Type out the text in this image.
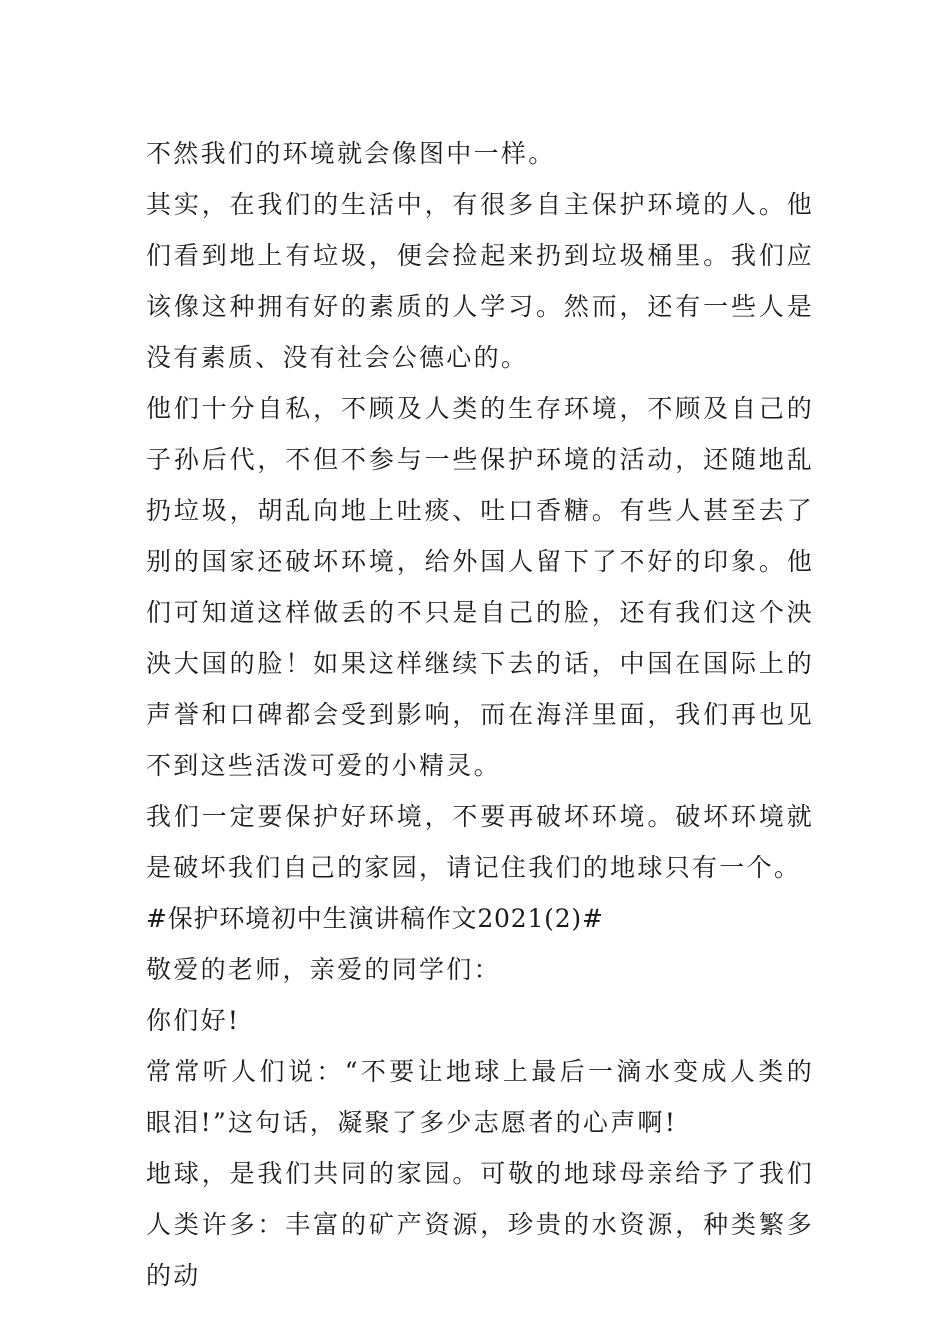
不然我们的环境就会像图中一样。

其实，在我们的生活中，有很多自主保护环境的人。他们看到地上有垃圾，便会捡起来扔到垃圾桶里。我们应该像这种拥有好的素质的人学习。然而，还有一些人是没有素质、没有社会公德心的。

他们十分自私，不顾及人类的生存环境，不顾及自己的子孙后代，不但不参与一些保护环境的活动，还随地乱扔垃圾，胡乱向地上吐痰、吐口香糖。有些人甚至去了别的国家还破坏环境，给外国人留下了不好的印象。他们可知道这样做丢的不只是自己的脸，还有我们这个泱泱大国的脸！如果这样继续下去的话，中国在国际上的声誉和口碑都会受到影响，而在海洋里面，我们再也见不到这些活泼可爱的小精灵。

我们一定要保护好环境，不要再破坏环境。破坏环境就是破坏我们自己的家园，请记住我们的地球只有一个。

#保护环境初中生演讲稿作文2021(2)#

敬爱的老师，亲爱的同学们：

你们好!

常常听人们说：“不要让地球上最后一滴水变成人类的眼泪!”这句话，凝聚了多少志愿者的心声啊!

地球，是我们共同的家园。可敬的地球母亲给予了我们人类许多：丰富的矿产资源，珍贵的水资源，种类繁多的动
